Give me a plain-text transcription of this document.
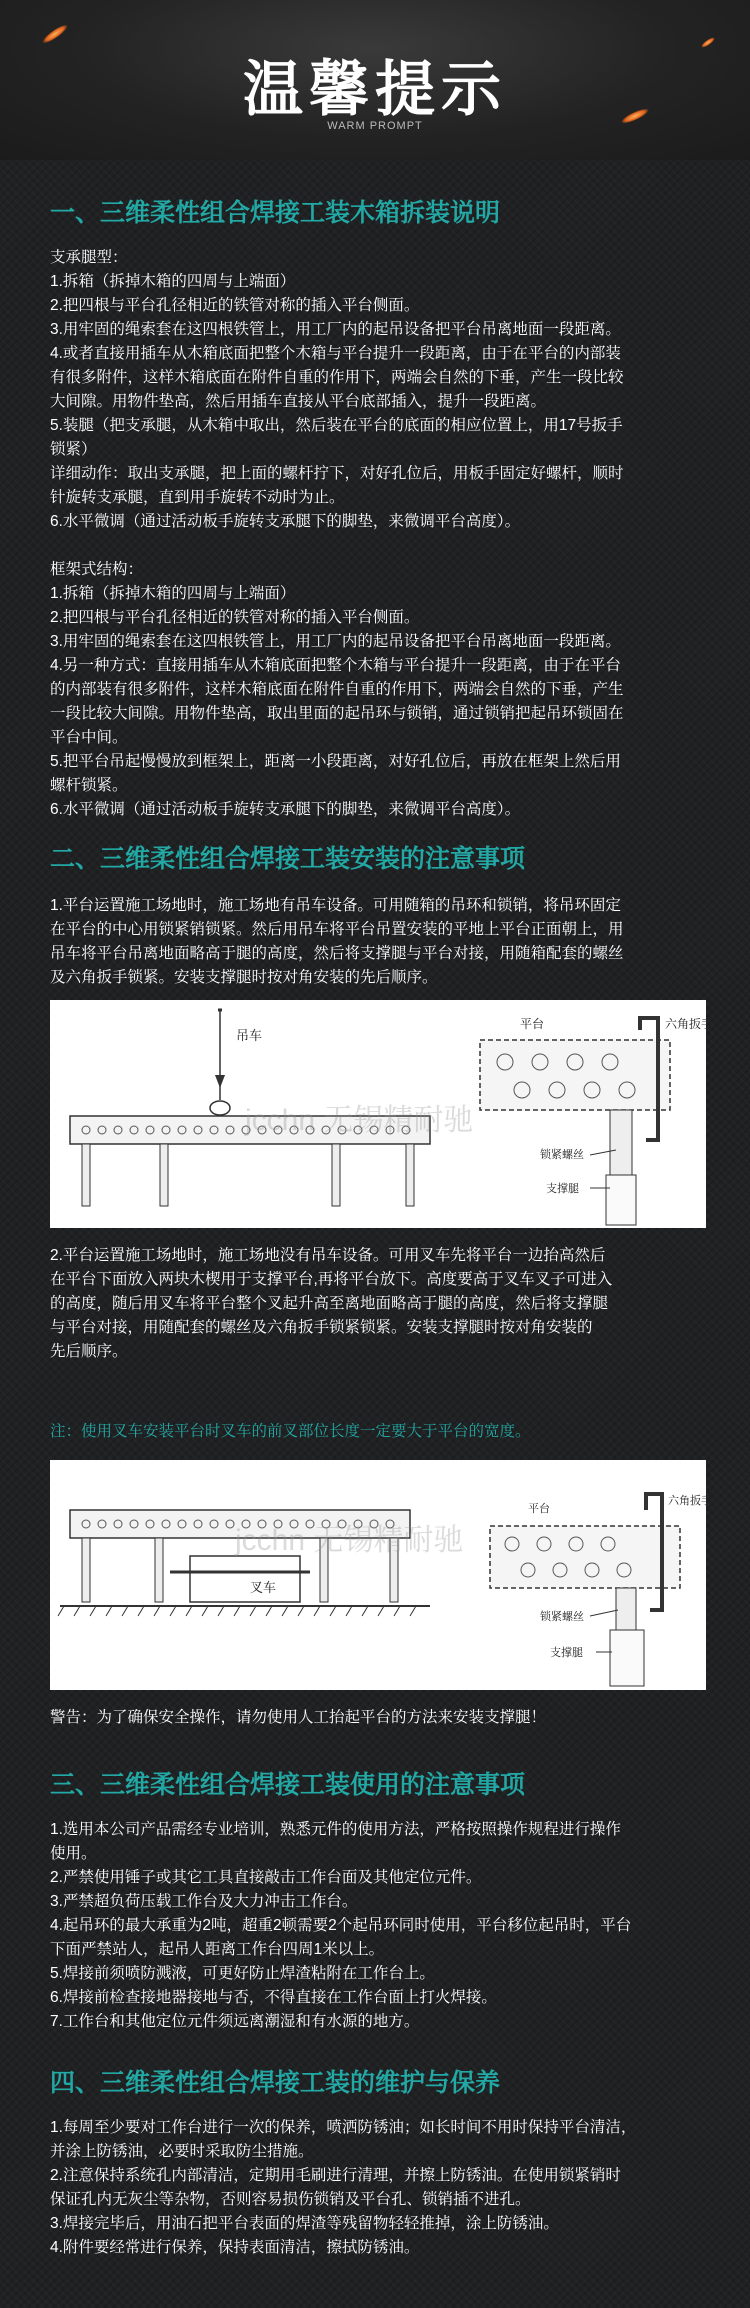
温馨提示
WARM PROMPT
一、三维柔性组合焊接工装木箱拆装说明
支承腿型：
1.拆箱（拆掉木箱的四周与上端面）
2.把四根与平台孔径相近的铁管对称的插入平台侧面。
3.用牢固的绳索套在这四根铁管上，用工厂内的起吊设备把平台吊离地面一段距离。
4.或者直接用插车从木箱底面把整个木箱与平台提升一段距离，由于在平台的内部装
有很多附件，这样木箱底面在附件自重的作用下，两端会自然的下垂，产生一段比较
大间隙。用物件垫高，然后用插车直接从平台底部插入，提升一段距离。
5.装腿（把支承腿，从木箱中取出，然后装在平台的底面的相应位置上，用17号扳手
锁紧）
详细动作：取出支承腿，把上面的螺杆拧下，对好孔位后，用板手固定好螺杆，顺时
针旋转支承腿，直到用手旋转不动时为止。
6.水平微调（通过活动板手旋转支承腿下的脚垫，来微调平台高度）。
框架式结构：
1.拆箱（拆掉木箱的四周与上端面）
2.把四根与平台孔径相近的铁管对称的插入平台侧面。
3.用牢固的绳索套在这四根铁管上，用工厂内的起吊设备把平台吊离地面一段距离。
4.另一种方式：直接用插车从木箱底面把整个木箱与平台提升一段距离，由于在平台
的内部装有很多附件，这样木箱底面在附件自重的作用下，两端会自然的下垂，产生
一段比较大间隙。用物件垫高，取出里面的起吊环与锁销，通过锁销把起吊环锁固在
平台中间。
5.把平台吊起慢慢放到框架上，距离一小段距离，对好孔位后，再放在框架上然后用
螺杆锁紧。
6.水平微调（通过活动板手旋转支承腿下的脚垫，来微调平台高度）。
二、三维柔性组合焊接工装安装的注意事项
1.平台运置施工场地时，施工场地有吊车设备。可用随箱的吊环和锁销，将吊环固定
在平台的中心用锁紧销锁紧。然后用吊车将平台吊置安装的平地上平台正面朝上，用
吊车将平台吊离地面略高于腿的高度，然后将支撑腿与平台对接，用随箱配套的螺丝
及六角扳手锁紧。安装支撑腿时按对角安装的先后顺序。
吊车
平台	六角扳手
锁紧螺丝
支撑腿
jcchn 无锡精耐驰
2.平台运置施工场地时，施工场地没有吊车设备。可用叉车先将平台一边抬高然后
在平台下面放入两块木楔用于支撑平台,再将平台放下。高度要高于叉车叉子可进入
的高度，随后用叉车将平台整个叉起升高至离地面略高于腿的高度，然后将支撑腿
与平台对接，用随配套的螺丝及六角扳手锁紧锁紧。安装支撑腿时按对角安装的
先后顺序。
注：使用叉车安装平台时叉车的前叉部位长度一定要大于平台的宽度。
叉车
平台
六角扳手
锁紧螺丝
支撑腿
jcchn 无锡精耐驰
警告：为了确保安全操作，请勿使用人工抬起平台的方法来安装支撑腿！
三、三维柔性组合焊接工装使用的注意事项
1.选用本公司产品需经专业培训，熟悉元件的使用方法，严格按照操作规程进行操作
使用。
2.严禁使用锤子或其它工具直接敲击工作台面及其他定位元件。
3.严禁超负荷压载工作台及大力冲击工作台。
4.起吊环的最大承重为2吨，超重2顿需要2个起吊环同时使用，平台移位起吊时，平台
下面严禁站人，起吊人距离工作台四周1米以上。
5.焊接前须喷防溅液，可更好防止焊渣粘附在工作台上。
6.焊接前检查接地器接地与否，不得直接在工作台面上打火焊接。
7.工作台和其他定位元件须远离潮湿和有水源的地方。
四、三维柔性组合焊接工装的维护与保养
1.每周至少要对工作台进行一次的保养，喷洒防锈油；如长时间不用时保持平台清洁，
并涂上防锈油，必要时采取防尘措施。
2.注意保持系统孔内部清洁，定期用毛刷进行清理，并擦上防锈油。在使用锁紧销时
保证孔内无灰尘等杂物，否则容易损伤锁销及平台孔、锁销插不进孔。
3.焊接完毕后，用油石把平台表面的焊渣等残留物轻轻推掉，涂上防锈油。
4.附件要经常进行保养，保持表面清洁，擦拭防锈油。
